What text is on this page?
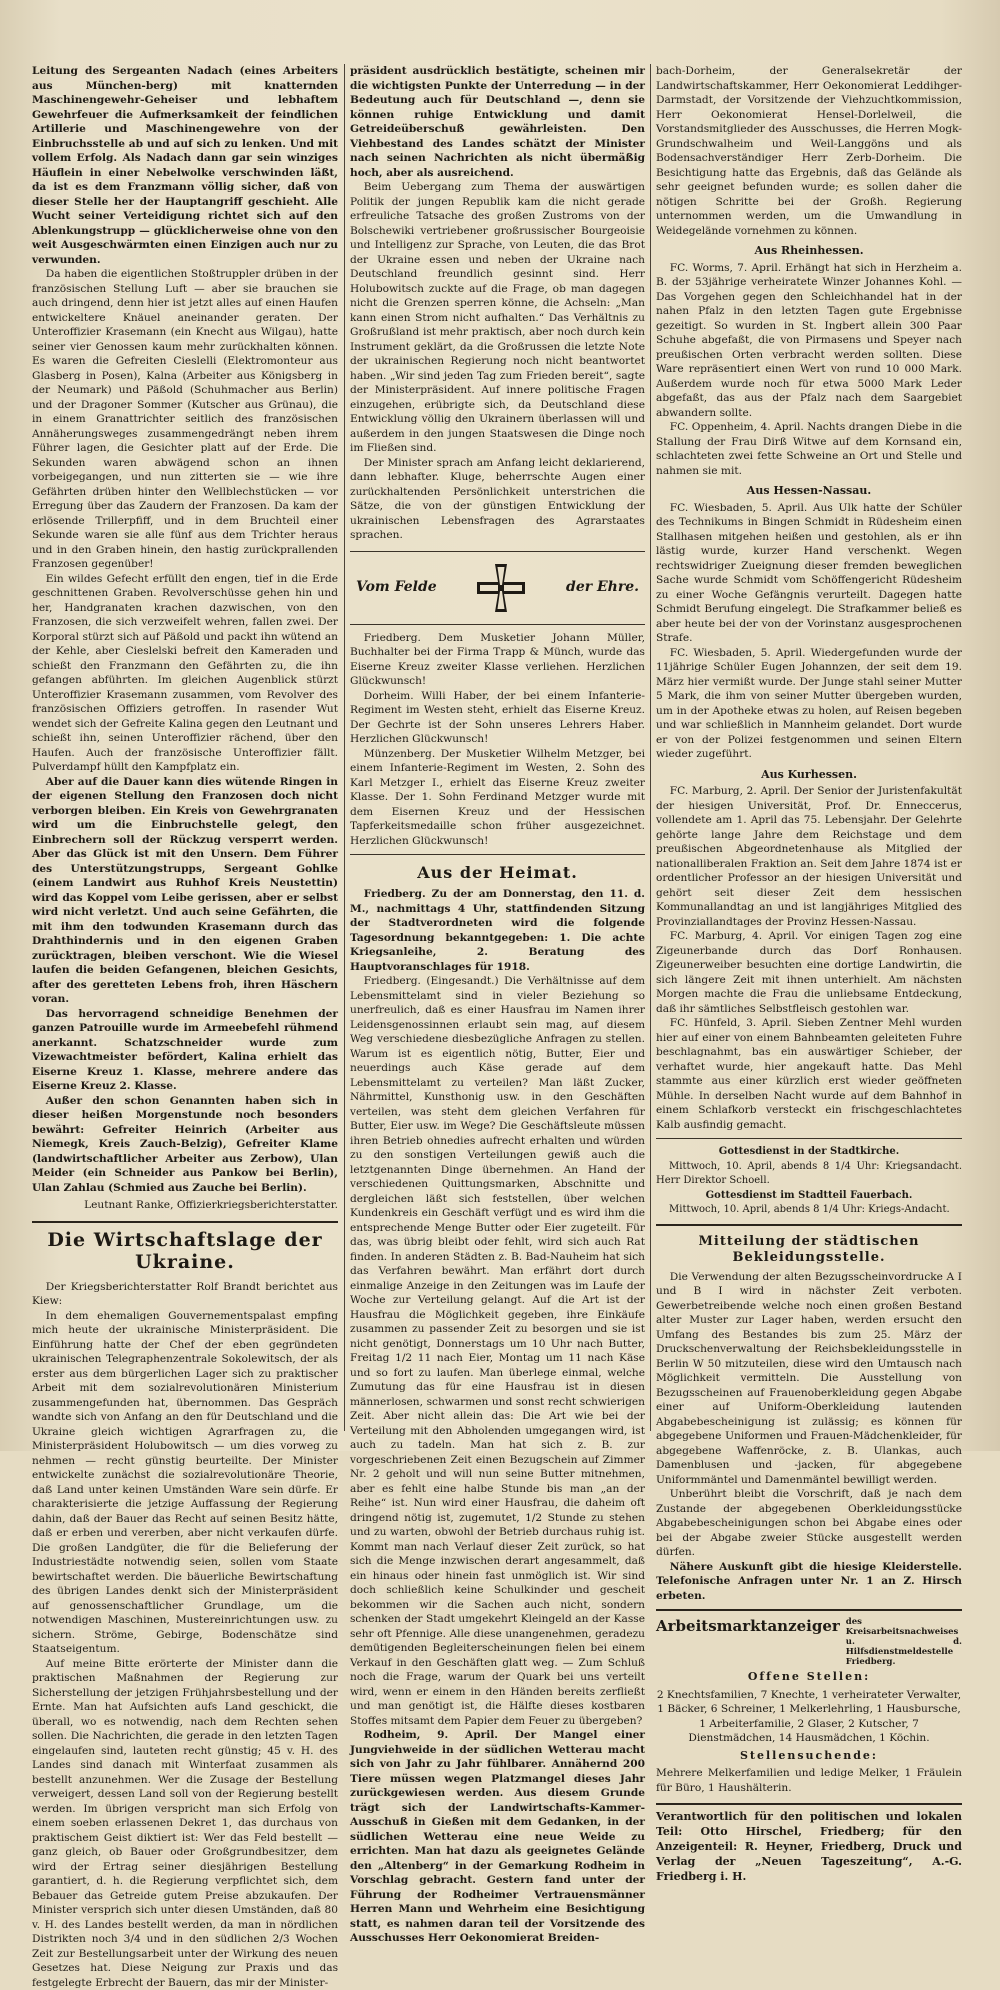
Leitung des Sergeanten Nadach (eines Arbeiters aus München-berg) mit knatternden Maschinengewehr-Geheiser und lebhaftem Gewehrfeuer die Aufmerksamkeit der feindlichen Artillerie und Maschinengewehre von der Einbruchsstelle ab und auf sich zu lenken. Und mit vollem Erfolg. Als Nadach dann gar sein winziges Häuflein in einer Nebelwolke verschwinden läßt, da ist es dem Franzmann völlig sicher, daß von dieser Stelle her der Hauptangriff geschieht. Alle Wucht seiner Verteidigung richtet sich auf den Ablenkungstrupp — glücklicherweise ohne von den weit Ausgeschwärmten einen Einzigen auch nur zu verwunden.

Da haben die eigentlichen Stoßtruppler drüben in der französischen Stellung Luft — aber sie brauchen sie auch dringend, denn hier ist jetzt alles auf einen Haufen entwickeltere Knäuel aneinander geraten. Der Unteroffizier Krasemann (ein Knecht aus Wilgau), hatte seiner vier Genossen kaum mehr zurückhalten können. Es waren die Gefreiten Cieslelli (Elektromonteur aus Glasberg in Posen), Kalna (Arbeiter aus Königsberg in der Neumark) und Päßold (Schuhmacher aus Berlin) und der Dragoner Sommer (Kutscher aus Grünau), die in einem Granattrichter seitlich des französischen Annäherungsweges zusammengedrängt neben ihrem Führer lagen, die Gesichter platt auf der Erde. Die Sekunden waren abwägend schon an ihnen vorbeigegangen, und nun zitterten sie — wie ihre Gefährten drüben hinter den Wellblechstücken — vor Erregung über das Zaudern der Franzosen. Da kam der erlösende Trillerpfiff, und in dem Bruchteil einer Sekunde waren sie alle fünf aus dem Trichter heraus und in den Graben hinein, den hastig zurückprallenden Franzosen gegenüber!

Ein wildes Gefecht erfüllt den engen, tief in die Erde geschnittenen Graben. Revolverschüsse gehen hin und her, Handgranaten krachen dazwischen, von den Franzosen, die sich verzweifelt wehren, fallen zwei. Der Korporal stürzt sich auf Päßold und packt ihn wütend an der Kehle, aber Cieslelski befreit den Kameraden und schießt den Franzmann den Gefährten zu, die ihn gefangen abführten. Im gleichen Augenblick stürzt Unteroffizier Krasemann zusammen, vom Revolver des französischen Offiziers getroffen. In rasender Wut wendet sich der Gefreite Kalina gegen den Leutnant und schießt ihn, seinen Unteroffizier rächend, über den Haufen. Auch der französische Unteroffizier fällt. Pulverdampf hüllt den Kampfplatz ein.

Aber auf die Dauer kann dies wütende Ringen in der eigenen Stellung den Franzosen doch nicht verborgen bleiben. Ein Kreis von Gewehrgranaten wird um die Einbruchstelle gelegt, den Einbrechern soll der Rückzug versperrt werden. Aber das Glück ist mit den Unsern. Dem Führer des Unterstützungstrupps, Sergeant Gohlke (einem Landwirt aus Ruhhof Kreis Neustettin) wird das Koppel vom Leibe gerissen, aber er selbst wird nicht verletzt. Und auch seine Gefährten, die mit ihm den todwunden Krasemann durch das Drahthindernis und in den eigenen Graben zurücktragen, bleiben verschont. Wie die Wiesel laufen die beiden Gefangenen, bleichen Gesichts, after des geretteten Lebens froh, ihren Häschern voran.

Das hervorragend schneidige Benehmen der ganzen Patrouille wurde im Armeebefehl rühmend anerkannt. Schatzschneider wurde zum Vizewachtmeister befördert, Kalina erhielt das Eiserne Kreuz 1. Klasse, mehrere andere das Eiserne Kreuz 2. Klasse.

Außer den schon Genannten haben sich in dieser heißen Morgenstunde noch besonders bewährt: Gefreiter Heinrich (Arbeiter aus Niemegk, Kreis Zauch-Belzig), Gefreiter Klame (landwirtschaftlicher Arbeiter aus Zerbow), Ulan Meider (ein Schneider aus Pankow bei Berlin), Ulan Zahlau (Schmied aus Zauche bei Berlin).

Leutnant Ranke, Offizierkriegsberichterstatter.
Die Wirtschaftslage der Ukraine.

Der Kriegsberichterstatter Rolf Brandt berichtet aus Kiew:

In dem ehemaligen Gouvernementspalast empfing mich heute der ukrainische Ministerpräsident. Die Einführung hatte der Chef der eben gegründeten ukrainischen Telegraphenzentrale Sokolewitsch, der als erster aus dem bürgerlichen Lager sich zu praktischer Arbeit mit dem sozialrevolutionären Ministerium zusammengefunden hat, übernommen. Das Gespräch wandte sich von Anfang an den für Deutschland und die Ukraine gleich wichtigen Agrarfragen zu, die Ministerpräsident Holubowitsch — um dies vorweg zu nehmen — recht günstig beurteilte. Der Minister entwickelte zunächst die sozialrevolutionäre Theorie, daß Land unter keinen Umständen Ware sein dürfe. Er charakterisierte die jetzige Auffassung der Regierung dahin, daß der Bauer das Recht auf seinen Besitz hätte, daß er erben und vererben, aber nicht verkaufen dürfe. Die großen Landgüter, die für die Belieferung der Industriestädte notwendig seien, sollen vom Staate bewirtschaftet werden. Die bäuerliche Bewirtschaftung des übrigen Landes denkt sich der Ministerpräsident auf genossenschaftlicher Grundlage, um die notwendigen Maschinen, Mustereinrichtungen usw. zu sichern. Ströme, Gebirge, Bodenschätze sind Staatseigentum.

Auf meine Bitte erörterte der Minister dann die praktischen Maßnahmen der Regierung zur Sicherstellung der jetzigen Frühjahrsbestellung und der Ernte. Man hat Aufsichten aufs Land geschickt, die überall, wo es notwendig, nach dem Rechten sehen sollen. Die Nachrichten, die gerade in den letzten Tagen eingelaufen sind, lauteten recht günstig; 45 v. H. des Landes sind danach mit Winterfaat zusammen als bestellt anzunehmen. Wer die Zusage der Bestellung verweigert, dessen Land soll von der Regierung bestellt werden. Im übrigen verspricht man sich Erfolg von einem soeben erlassenen Dekret 1, das durchaus von praktischem Geist diktiert ist: Wer das Feld bestellt — ganz gleich, ob Bauer oder Großgrundbesitzer, dem wird der Ertrag seiner diesjährigen Bestellung garantiert, d. h. die Regierung verpflichtet sich, dem Bebauer das Getreide gutem Preise abzukaufen. Der Minister versprich sich unter diesen Umständen, daß 80 v. H. des Landes bestellt werden, da man in nördlichen Distrikten noch 3/4 und in den südlichen 2/3 Wochen Zeit zur Bestellungsarbeit unter der Wirkung des neuen Gesetzes hat. Diese Neigung zur Praxis und das festgelegte Erbrecht der Bauern, das mir der Minister-

präsident ausdrücklich bestätigte, scheinen mir die wichtigsten Punkte der Unterredung — in der Bedeutung auch für Deutschland —, denn sie können ruhige Entwicklung und damit Getreideüberschuß gewährleisten. Den Viehbestand des Landes schätzt der Minister nach seinen Nachrichten als nicht übermäßig hoch, aber als ausreichend.

Beim Uebergang zum Thema der auswärtigen Politik der jungen Republik kam die nicht gerade erfreuliche Tatsache des großen Zustroms von der Bolschewiki vertriebener großrussischer Bourgeoisie und Intelligenz zur Sprache, von Leuten, die das Brot der Ukraine essen und neben der Ukraine nach Deutschland freundlich gesinnt sind. Herr Holubowitsch zuckte auf die Frage, ob man dagegen nicht die Grenzen sperren könne, die Achseln: „Man kann einen Strom nicht aufhalten.“ Das Verhältnis zu Großrußland ist mehr praktisch, aber noch durch kein Instrument geklärt, da die Großrussen die letzte Note der ukrainischen Regierung noch nicht beantwortet haben. „Wir sind jeden Tag zum Frieden bereit“, sagte der Ministerpräsident. Auf innere politische Fragen einzugehen, erübrigte sich, da Deutschland diese Entwicklung völlig den Ukrainern überlassen will und außerdem in den jungen Staatswesen die Dinge noch im Fließen sind.

Der Minister sprach am Anfang leicht deklarierend, dann lebhafter. Kluge, beherrschte Augen einer zurückhaltenden Persönlichkeit unterstrichen die Sätze, die von der günstigen Entwicklung der ukrainischen Lebensfragen des Agrarstaates sprachen.

Vom Felde	der Ehre.

Friedberg. Dem Musketier Johann Müller, Buchhalter bei der Firma Trapp & Münch, wurde das Eiserne Kreuz zweiter Klasse verliehen. Herzlichen Glückwunsch!

Dorheim. Willi Haber, der bei einem Infanterie-Regiment im Westen steht, erhielt das Eiserne Kreuz. Der Gechrte ist der Sohn unseres Lehrers Haber. Herzlichen Glückwunsch!

Münzenberg. Der Musketier Wilhelm Metzger, bei einem Infanterie-Regiment im Westen, 2. Sohn des Karl Metzger I., erhielt das Eiserne Kreuz zweiter Klasse. Der 1. Sohn Ferdinand Metzger wurde mit dem Eisernen Kreuz und der Hessischen Tapferkeitsmedaille schon früher ausgezeichnet. Herzlichen Glückwunsch!

Aus der Heimat.

Friedberg. Zu der am Donnerstag, den 11. d. M., nachmittags 4 Uhr, stattfindenden Sitzung der Stadtverordneten wird die folgende Tagesordnung bekanntgegeben: 1. Die achte Kriegsanleihe, 2. Beratung des Hauptvoranschlages für 1918.

Friedberg. (Eingesandt.) Die Verhältnisse auf dem Lebensmittelamt sind in vieler Beziehung so unerfreulich, daß es einer Hausfrau im Namen ihrer Leidensgenossinnen erlaubt sein mag, auf diesem Weg verschiedene diesbezügliche Anfragen zu stellen. Warum ist es eigentlich nötig, Butter, Eier und neuerdings auch Käse gerade auf dem Lebensmittelamt zu verteilen? Man läßt Zucker, Nährmittel, Kunsthonig usw. in den Geschäften verteilen, was steht dem gleichen Verfahren für Butter, Eier usw. im Wege? Die Geschäftsleute müssen ihren Betrieb ohnedies aufrecht erhalten und würden zu den sonstigen Verteilungen gewiß auch die letztgenannten Dinge übernehmen. An Hand der verschiedenen Quittungsmarken, Abschnitte und dergleichen läßt sich feststellen, über welchen Kundenkreis ein Geschäft verfügt und es wird ihm die entsprechende Menge Butter oder Eier zugeteilt. Für das, was übrig bleibt oder fehlt, wird sich auch Rat finden. In anderen Städten z. B. Bad-Nauheim hat sich das Verfahren bewährt. Man erfährt dort durch einmalige Anzeige in den Zeitungen was im Laufe der Woche zur Verteilung gelangt. Auf die Art ist der Hausfrau die Möglichkeit gegeben, ihre Einkäufe zusammen zu passender Zeit zu besorgen und sie ist nicht genötigt, Donnerstags um 10 Uhr nach Butter, Freitag 1/2 11 nach Eier, Montag um 11 nach Käse und so fort zu laufen. Man überlege einmal, welche Zumutung das für eine Hausfrau ist in diesen männerlosen, schwarmen und sonst recht schwierigen Zeit. Aber nicht allein das: Die Art wie bei der Verteilung mit den Abholenden umgegangen wird, ist auch zu tadeln. Man hat sich z. B. zur vorgeschriebenen Zeit einen Bezugschein auf Zimmer Nr. 2 geholt und will nun seine Butter mitnehmen, aber es fehlt eine halbe Stunde bis man „an der Reihe“ ist. Nun wird einer Hausfrau, die daheim oft dringend nötig ist, zugemutet, 1/2 Stunde zu stehen und zu warten, obwohl der Betrieb durchaus ruhig ist. Kommt man nach Verlauf dieser Zeit zurück, so hat sich die Menge inzwischen derart angesammelt, daß ein hinaus oder hinein fast unmöglich ist. Wir sind doch schließlich keine Schulkinder und gescheit bekommen wir die Sachen auch nicht, sondern schenken der Stadt umgekehrt Kleingeld an der Kasse sehr oft Pfennige. Alle diese unangenehmen, geradezu demütigenden Begleiterscheinungen fielen bei einem Verkauf in den Geschäften glatt weg. — Zum Schluß noch die Frage, warum der Quark bei uns verteilt wird, wenn er einem in den Händen bereits zerfließt und man genötigt ist, die Hälfte dieses kostbaren Stoffes mitsamt dem Papier dem Feuer zu übergeben?

Rodheim, 9. April. Der Mangel einer Jungviehweide in der südlichen Wetterau macht sich von Jahr zu Jahr fühlbarer. Annähernd 200 Tiere müssen wegen Platzmangel dieses Jahr zurückgewiesen werden. Aus diesem Grunde trägt sich der Landwirtschafts-Kammer-Ausschuß in Gießen mit dem Gedanken, in der südlichen Wetterau eine neue Weide zu errichten. Man hat dazu als geeignetes Gelände den „Altenberg“ in der Gemarkung Rodheim in Vorschlag gebracht. Gestern fand unter der Führung der Rodheimer Vertrauensmänner Herren Mann und Wehrheim eine Besichtigung statt, es nahmen daran teil der Vorsitzende des Ausschusses Herr Oekonomierat Breiden-

bach-Dorheim, der Generalsekretär der Landwirtschaftskammer, Herr Oekonomierat Leddihger-Darmstadt, der Vorsitzende der Viehzuchtkommission, Herr Oekonomierat Hensel-Dorlelweil, die Vorstandsmitglieder des Ausschusses, die Herren Mogk-Grundschwalheim und Weil-Langgöns und als Bodensachverständiger Herr Zerb-Dorheim. Die Besichtigung hatte das Ergebnis, daß das Gelände als sehr geeignet befunden wurde; es sollen daher die nötigen Schritte bei der Großh. Regierung unternommen werden, um die Umwandlung in Weidegelände vornehmen zu können.

Aus Rheinhessen.

FC. Worms, 7. April. Erhängt hat sich in Herzheim a. B. der 53jährige verheiratete Winzer Johannes Kohl. — Das Vorgehen gegen den Schleichhandel hat in der nahen Pfalz in den letzten Tagen gute Ergebnisse gezeitigt. So wurden in St. Ingbert allein 300 Paar Schuhe abgefaßt, die von Pirmasens und Speyer nach preußischen Orten verbracht werden sollten. Diese Ware repräsentiert einen Wert von rund 10 000 Mark. Außerdem wurde noch für etwa 5000 Mark Leder abgefaßt, das aus der Pfalz nach dem Saargebiet abwandern sollte.

FC. Oppenheim, 4. April. Nachts drangen Diebe in die Stallung der Frau Dirß Witwe auf dem Kornsand ein, schlachteten zwei fette Schweine an Ort und Stelle und nahmen sie mit.

Aus Hessen-Nassau.

FC. Wiesbaden, 5. April. Aus Ulk hatte der Schüler des Technikums in Bingen Schmidt in Rüdesheim einen Stallhasen mitgehen heißen und gestohlen, als er ihn lästig wurde, kurzer Hand verschenkt. Wegen rechtswidriger Zueignung dieser fremden beweglichen Sache wurde Schmidt vom Schöffengericht Rüdesheim zu einer Woche Gefängnis verurteilt. Dagegen hatte Schmidt Berufung eingelegt. Die Strafkammer beließ es aber heute bei der von der Vorinstanz ausgesprochenen Strafe.

FC. Wiesbaden, 5. April. Wiedergefunden wurde der 11jährige Schüler Eugen Johannzen, der seit dem 19. März hier vermißt wurde. Der Junge stahl seiner Mutter 5 Mark, die ihm von seiner Mutter übergeben wurden, um in der Apotheke etwas zu holen, auf Reisen begeben und war schließlich in Mannheim gelandet. Dort wurde er von der Polizei festgenommen und seinen Eltern wieder zugeführt.

Aus Kurhessen.

FC. Marburg, 2. April. Der Senior der Juristenfakultät der hiesigen Universität, Prof. Dr. Enneccerus, vollendete am 1. April das 75. Lebensjahr. Der Gelehrte gehörte lange Jahre dem Reichstage und dem preußischen Abgeordnetenhause als Mitglied der nationalliberalen Fraktion an. Seit dem Jahre 1874 ist er ordentlicher Professor an der hiesigen Universität und gehört seit dieser Zeit dem hessischen Kommunallandtag an und ist langjähriges Mitglied des Provinziallandtages der Provinz Hessen-Nassau.

FC. Marburg, 4. April. Vor einigen Tagen zog eine Zigeunerbande durch das Dorf Ronhausen. Zigeunerweiber besuchten eine dortige Landwirtin, die sich längere Zeit mit ihnen unterhielt. Am nächsten Morgen machte die Frau die unliebsame Entdeckung, daß ihr sämtliches Selbstfleisch gestohlen war.

FC. Hünfeld, 3. April. Sieben Zentner Mehl wurden hier auf einer von einem Bahnbeamten geleiteten Fuhre beschlagnahmt, bas ein auswärtiger Schieber, der verhaftet wurde, hier angekauft hatte. Das Mehl stammte aus einer kürzlich erst wieder geöffneten Mühle. In derselben Nacht wurde auf dem Bahnhof in einem Schlafkorb versteckt ein frischgeschlachtetes Kalb ausfindig gemacht.

Gottesdienst in der Stadtkirche.

Mittwoch, 10. April, abends 8 1/4 Uhr: Kriegsandacht. Herr Direktor Schoell.

Gottesdienst im Stadtteil Fauerbach.

Mittwoch, 10. April, abends 8 1/4 Uhr: Kriegs-Andacht.

Mitteilung der städtischen Bekleidungsstelle.

Die Verwendung der alten Bezugsscheinvordrucke A I und B I wird in nächster Zeit verboten. Gewerbetreibende welche noch einen großen Bestand alter Muster zur Lager haben, werden ersucht den Umfang des Bestandes bis zum 25. März der Druckschenverwaltung der Reichsbekleidungsstelle in Berlin W 50 mitzuteilen, diese wird den Umtausch nach Möglichkeit vermitteln. Die Ausstellung von Bezugsscheinen auf Frauenoberkleidung gegen Abgabe einer auf Uniform-Oberkleidung lautenden Abgabebescheinigung ist zulässig; es können für abgegebene Uniformen und Frauen-Mädchenkleider, für abgegebene Waffenröcke, z. B. Ulankas, auch Damenblusen und -jacken, für abgegebene Uniformmäntel und Damenmäntel bewilligt werden.

Unberührt bleibt die Vorschrift, daß je nach dem Zustande der abgegebenen Oberkleidungsstücke Abgabebescheinigungen schon bei Abgabe eines oder bei der Abgabe zweier Stücke ausgestellt werden dürfen.

Nähere Auskunft gibt die hiesige Kleiderstelle. Telefonische Anfragen unter Nr. 1 an Z. Hirsch erbeten.

Arbeitsmarktanzeiger des Kreisarbeitsnachweises u. d. Hilfsdienstmeldestelle Friedberg.
Offene Stellen:

2 Knechtsfamilien, 7 Knechte, 1 verheirateter Verwalter, 1 Bäcker, 6 Schreiner, 1 Melkerlehrling, 1 Hausbursche, 1 Arbeiterfamilie, 2 Glaser, 2 Kutscher, 7 Dienstmädchen, 14 Hausmädchen, 1 Köchin.

Stellensuchende:

Mehrere Melkerfamilien und ledige Melker, 1 Fräulein für Büro, 1 Haushälterin.

Verantwortlich für den politischen und lokalen Teil: Otto Hirschel, Friedberg; für den Anzeigenteil: R. Heyner, Friedberg, Druck und Verlag der „Neuen Tageszeitung“, A.-G. Friedberg i. H.
